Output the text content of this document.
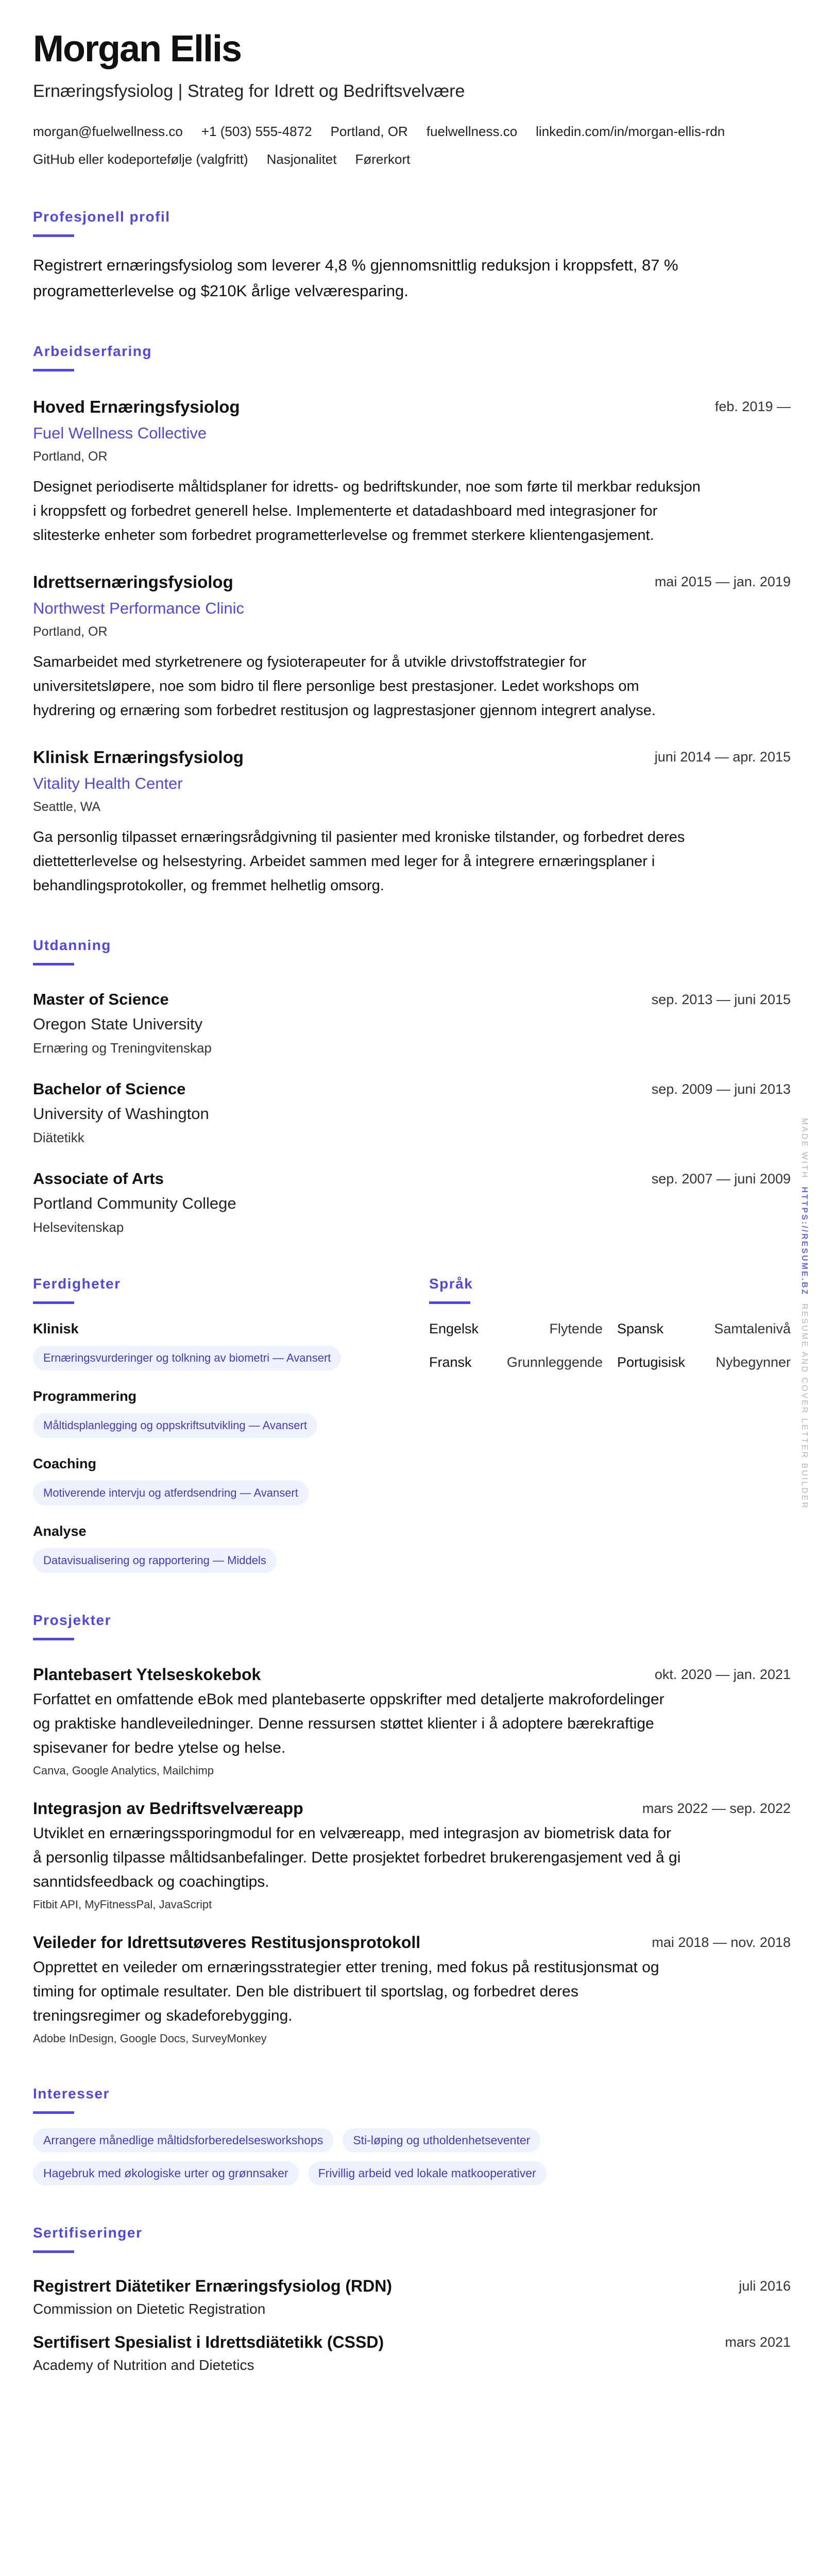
Morgan Ellis
Ernæringsfysiolog | Strateg for Idrett og Bedriftsvelvære
morgan@fuelwellness.co +1 (503) 555-4872 Portland, OR fuelwellness.co linkedin.com/in/morgan-ellis-rdn
GitHub eller kodeportefølje (valgfritt) Nasjonalitet Førerkort
Profesjonell profil

Registrert ernæringsfysiolog som leverer 4,8 % gjennomsnittlig reduksjon i kroppsfett, 87 % programetterlevelse og $210K årlige velværesparing.

Arbeidserfaring
Hoved Ernæringsfysiolog	feb. 2019 —
Fuel Wellness Collective
Portland, OR

Designet periodiserte måltidsplaner for idretts- og bedriftskunder, noe som førte til merkbar reduksjon i kroppsfett og forbedret generell helse. Implementerte et datadashboard med integrasjoner for slitesterke enheter som forbedret programetterlevelse og fremmet sterkere klientengasjement.

Idrettsernæringsfysiolog	mai 2015 — jan. 2019
Northwest Performance Clinic
Portland, OR

Samarbeidet med styrketrenere og fysioterapeuter for å utvikle drivstoffstrategier for universitetsløpere, noe som bidro til flere personlige best prestasjoner. Ledet workshops om hydrering og ernæring som forbedret restitusjon og lagprestasjoner gjennom integrert analyse.

Klinisk Ernæringsfysiolog	juni 2014 — apr. 2015
Vitality Health Center
Seattle, WA

Ga personlig tilpasset ernæringsrådgivning til pasienter med kroniske tilstander, og forbedret deres diettetterlevelse og helsestyring. Arbeidet sammen med leger for å integrere ernæringsplaner i behandlingsprotokoller, og fremmet helhetlig omsorg.

Utdanning
Master of Science	sep. 2013 — juni 2015
Oregon State University
Ernæring og Treningvitenskap
Bachelor of Science	sep. 2009 — juni 2013
University of Washington
Diätetikk
Associate of Arts	sep. 2007 — juni 2009
Portland Community College
Helsevitenskap
Ferdigheter
Klinisk
Ernæringsvurderinger og tolkning av biometri — Avansert
Programmering
Måltidsplanlegging og oppskriftsutvikling — Avansert
Coaching
Motiverende intervju og atferdsendring — Avansert
Analyse
Datavisualisering og rapportering — Middels
Språk
Engelsk	Flytende Spansk	Samtalenivå
Fransk	Grunnleggende Portugisisk Nybegynner
Prosjekter
Plantebasert Ytelseskokebok	okt. 2020 — jan. 2021

Forfattet en omfattende eBok med plantebaserte oppskrifter med detaljerte makrofordelinger og praktiske handleveiledninger. Denne ressursen støttet klienter i å adoptere bærekraftige spisevaner for bedre ytelse og helse.

Canva, Google Analytics, Mailchimp
Integrasjon av Bedriftsvelværeapp	mars 2022 — sep. 2022

Utviklet en ernæringssporingmodul for en velværeapp, med integrasjon av biometrisk data for å personlig tilpasse måltidsanbefalinger. Dette prosjektet forbedret brukerengasjement ved å gi sanntidsfeedback og coachingtips.

Fitbit API, MyFitnessPal, JavaScript
Veileder for Idrettsutøveres Restitusjonsprotokoll	mai 2018 — nov. 2018

Opprettet en veileder om ernæringsstrategier etter trening, med fokus på restitusjonsmat og timing for optimale resultater. Den ble distribuert til sportslag, og forbedret deres treningsregimer og skadeforebygging.

Adobe InDesign, Google Docs, SurveyMonkey
Interesser
Arrangere månedlige måltidsforberedelsesworkshops	Sti-løping og utholdenhetseventer
Hagebruk med økologiske urter og grønnsaker	Frivillig arbeid ved lokale matkooperativer
Sertifiseringer
Registrert Diätetiker Ernæringsfysiolog (RDN)	juli 2016
Commission on Dietetic Registration
Sertifisert Spesialist i Idrettsdiätetikk (CSSD)	mars 2021
Academy of Nutrition and Dietetics
MADE WITH  HTTPS://RESUME.BZ  RESUME AND COVER LETTER BUILDER
